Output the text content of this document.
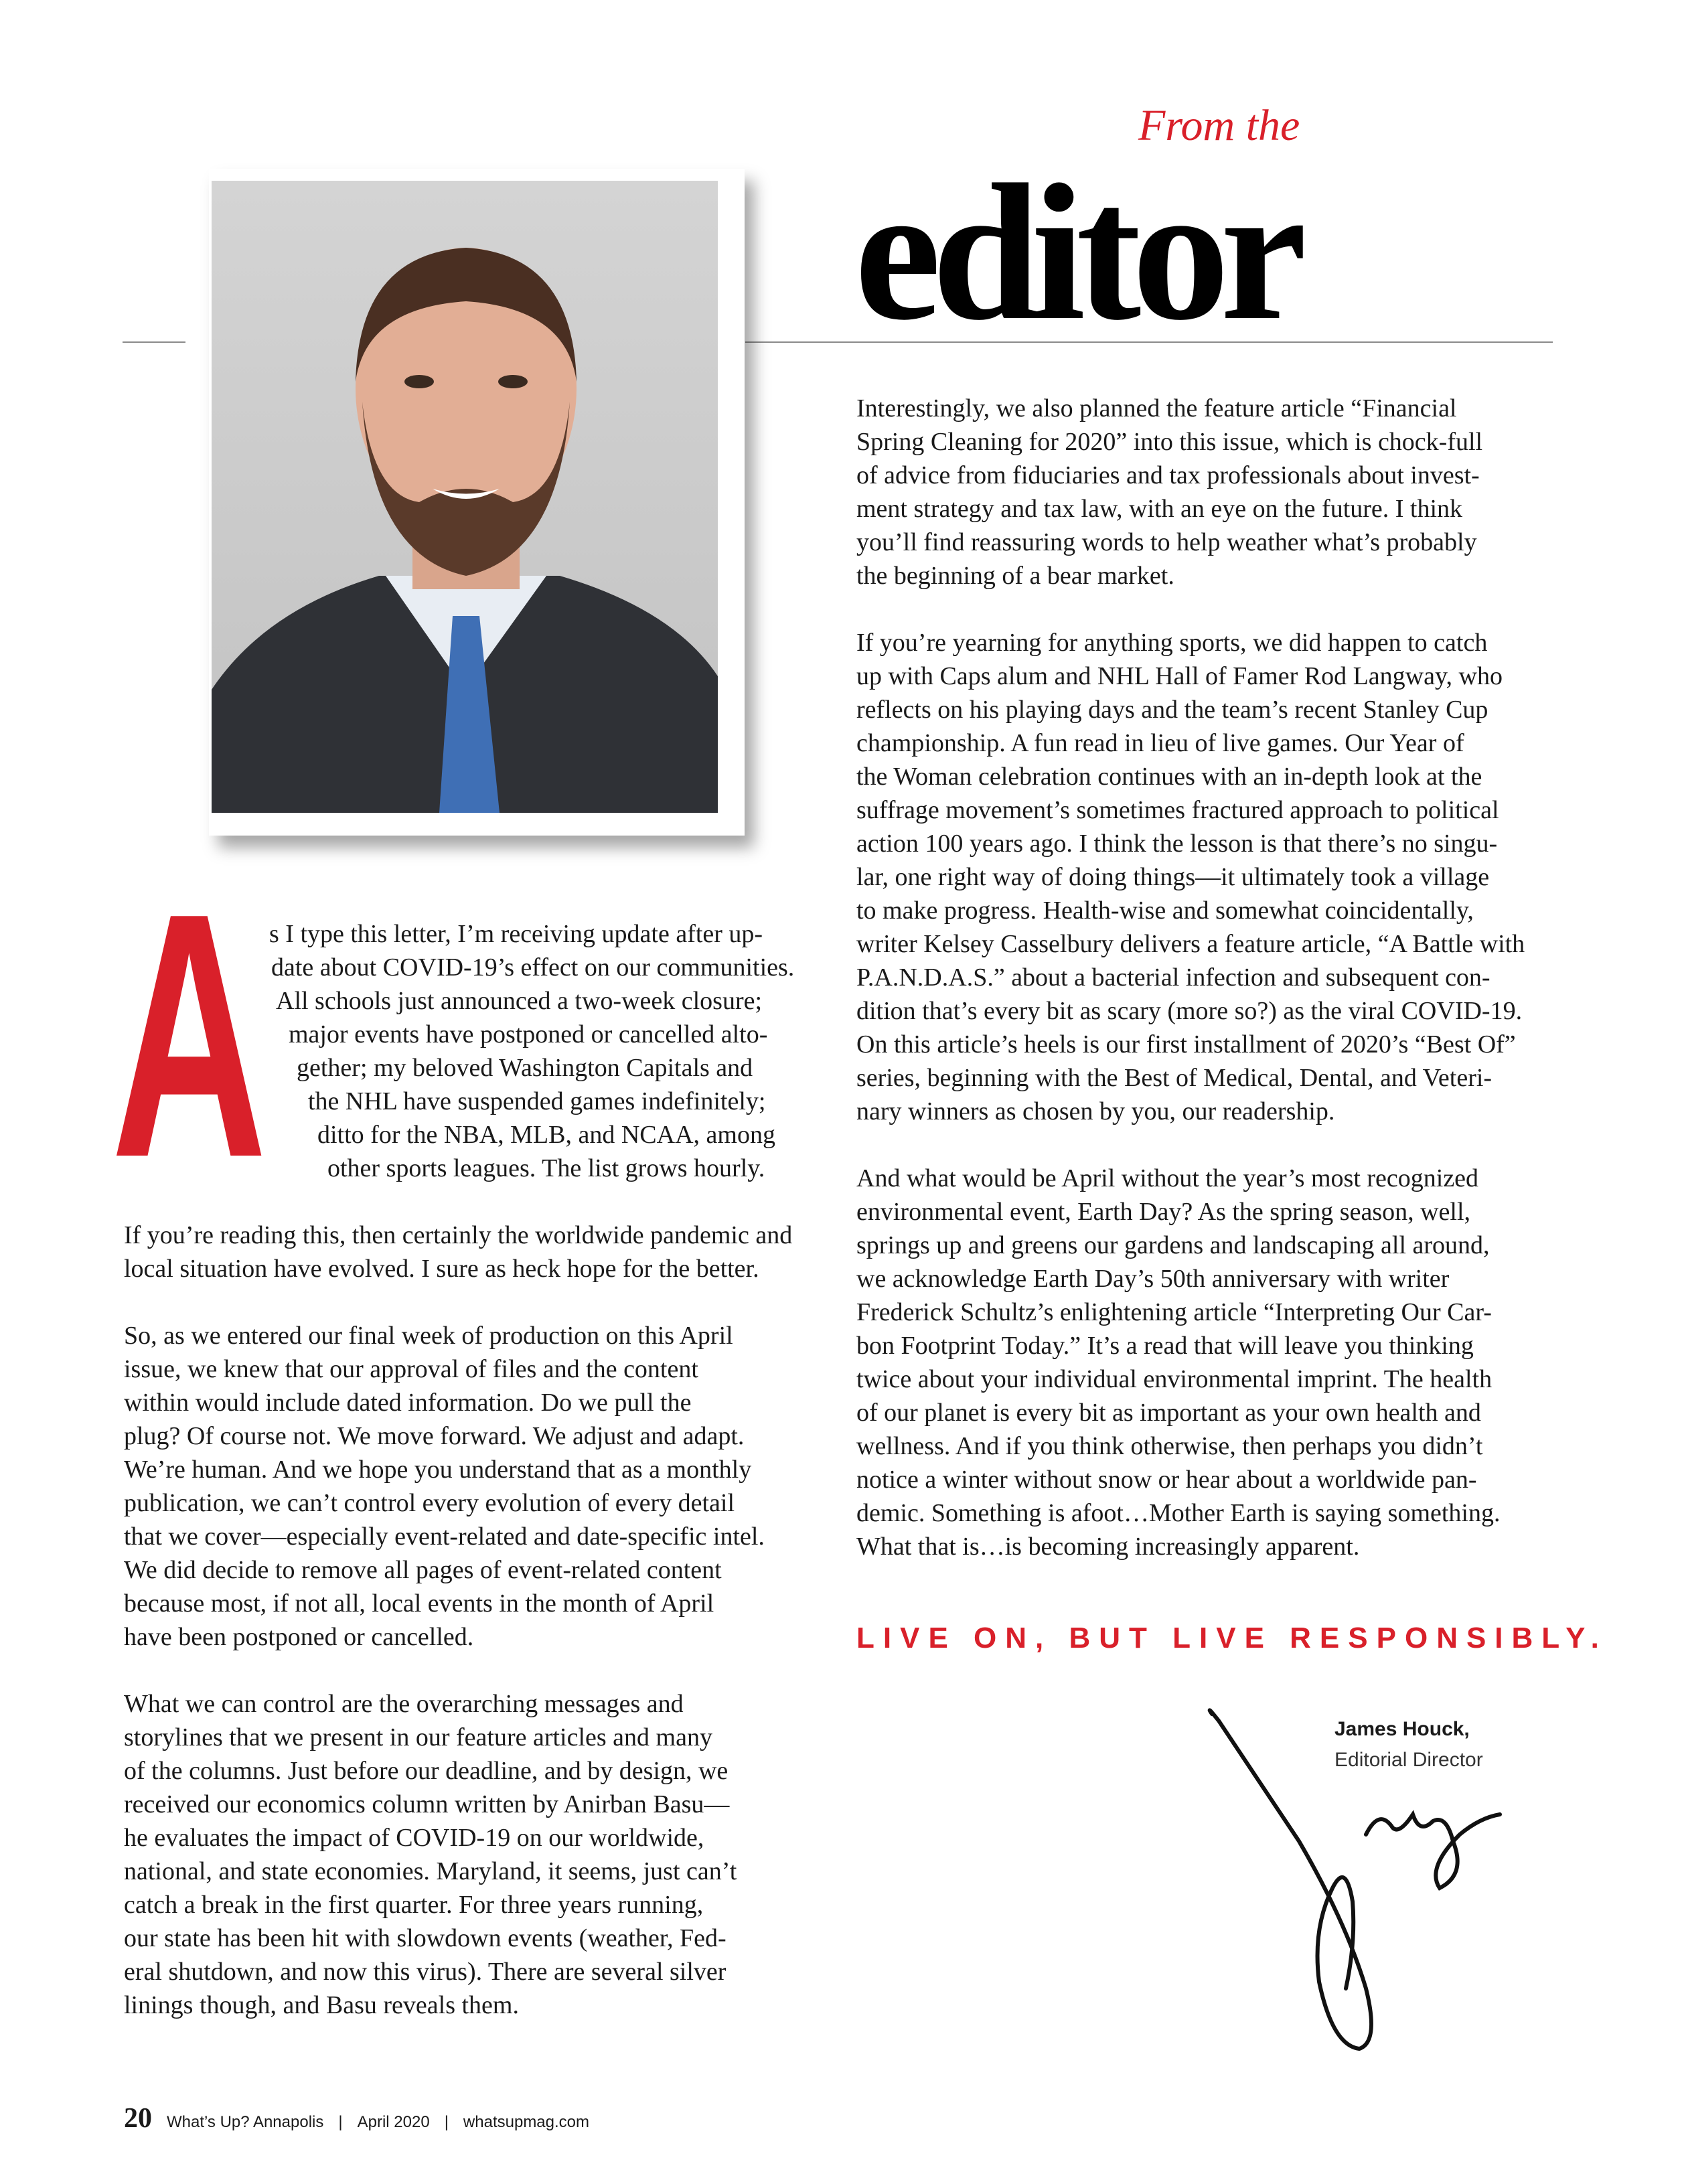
From the
editor
A s I type this letter, I’m receiving update after up-
date about COVID-19’s effect on our communities.
All schools just announced a two-week closure;
major events have postponed or cancelled alto-
gether; my beloved Washington Capitals and
the NHL have suspended games indefinitely;
ditto for the NBA, MLB, and NCAA, among
other sports leagues. The list grows hourly.
If you’re reading this, then certainly the worldwide pandemic and
local situation have evolved. I sure as heck hope for the better.
So, as we entered our final week of production on this April
issue, we knew that our approval of files and the content
within would include dated information. Do we pull the
plug? Of course not. We move forward. We adjust and adapt.
We’re human. And we hope you understand that as a monthly
publication, we can’t control every evolution of every detail
that we cover—especially event-related and date-specific intel.
We did decide to remove all pages of event-related content
because most, if not all, local events in the month of April
have been postponed or cancelled.
What we can control are the overarching messages and
storylines that we present in our feature articles and many
of the columns. Just before our deadline, and by design, we
received our economics column written by Anirban Basu—
he evaluates the impact of COVID-19 on our worldwide,
national, and state economies. Maryland, it seems, just can’t
catch a break in the first quarter. For three years running,
our state has been hit with slowdown events (weather, Fed-
eral shutdown, and now this virus). There are several silver
linings though, and Basu reveals them.
Interestingly, we also planned the feature article “Financial
Spring Cleaning for 2020” into this issue, which is chock-full
of advice from fiduciaries and tax professionals about invest-
ment strategy and tax law, with an eye on the future. I think
you’ll find reassuring words to help weather what’s probably
the beginning of a bear market.
If you’re yearning for anything sports, we did happen to catch
up with Caps alum and NHL Hall of Famer Rod Langway, who
reflects on his playing days and the team’s recent Stanley Cup
championship. A fun read in lieu of live games. Our Year of
the Woman celebration continues with an in-depth look at the
suffrage movement’s sometimes fractured approach to political
action 100 years ago. I think the lesson is that there’s no singu-
lar, one right way of doing things—it ultimately took a village
to make progress. Health-wise and somewhat coincidentally,
writer Kelsey Casselbury delivers a feature article, “A Battle with
P.A.N.D.A.S.” about a bacterial infection and subsequent con-
dition that’s every bit as scary (more so?) as the viral COVID-19.
On this article’s heels is our first installment of 2020’s “Best Of”
series, beginning with the Best of Medical, Dental, and Veteri-
nary winners as chosen by you, our readership.
And what would be April without the year’s most recognized
environmental event, Earth Day? As the spring season, well,
springs up and greens our gardens and landscaping all around,
we acknowledge Earth Day’s 50th anniversary with writer
Frederick Schultz’s enlightening article “Interpreting Our Car-
bon Footprint Today.” It’s a read that will leave you thinking
twice about your individual environmental imprint. The health
of our planet is every bit as important as your own health and
wellness. And if you think otherwise, then perhaps you didn’t
notice a winter without snow or hear about a worldwide pan-
demic. Something is afoot…Mother Earth is saying something.
What that is…is becoming increasingly apparent.
LIVE ON, BUT LIVE RESPONSIBLY.
James Houck,
Editorial Director
20 What’s Up? Annapolis | April 2020 | whatsupmag.com
